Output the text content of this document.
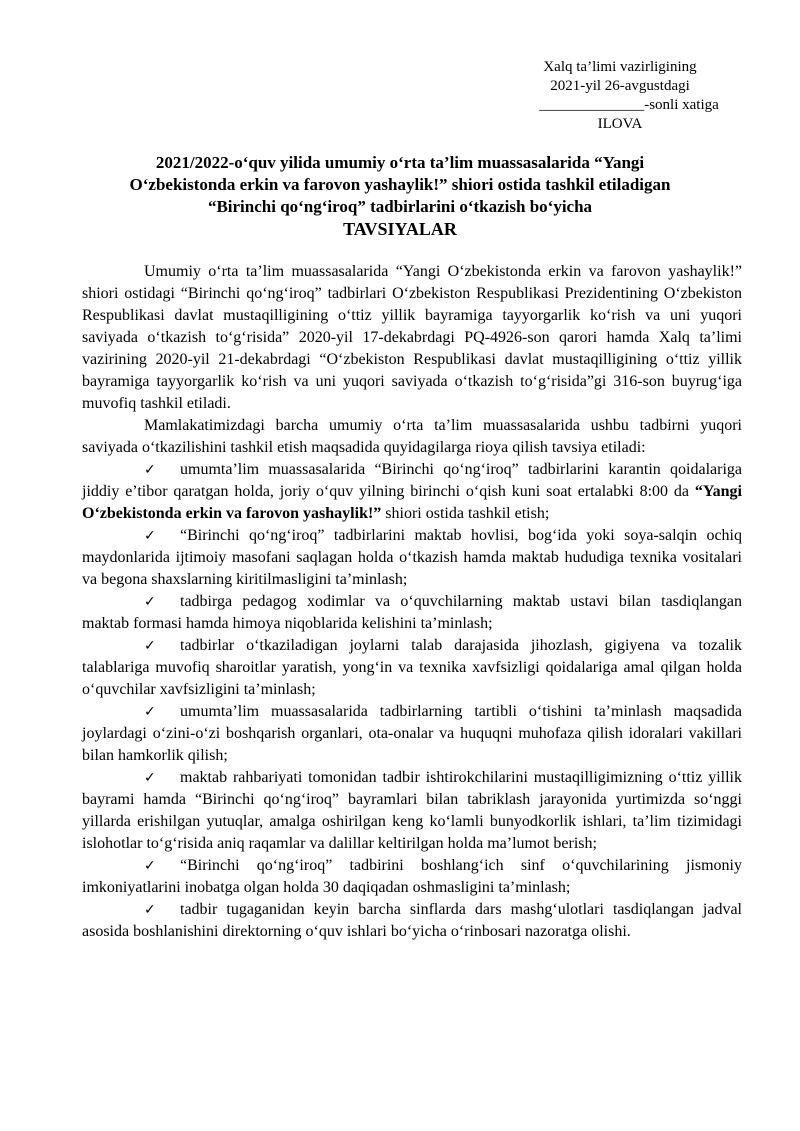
Xalq ta’limi vazirligining
2021-yil 26-avgustdagi
______________-sonli xatiga
ILOVA
2021/2022-o‘quv yilida umumiy o‘rta ta’lim muassasalarida “Yangi
O‘zbekistonda erkin va farovon yashaylik!” shiori ostida tashkil etiladigan
“Birinchi qo‘ng‘iroq” tadbirlarini o‘tkazish bo‘yicha
TAVSIYALAR

Umumiy o‘rta ta’lim muassasalarida “Yangi O‘zbekistonda erkin va farovon yashaylik!” shiori ostidagi “Birinchi qo‘ng‘iroq” tadbirlari O‘zbekiston Respublikasi Prezidentining O‘zbekiston Respublikasi davlat mustaqilligining o‘ttiz yillik bayramiga tayyorgarlik ko‘rish va uni yuqori saviyada o‘tkazish to‘g‘risida” 2020-yil 17-dekabrdagi PQ-4926-son qarori hamda Xalq ta’limi vazirining 2020-yil 21-dekabrdagi “O‘zbekiston Respublikasi davlat mustaqilligining o‘ttiz yillik bayramiga tayyorgarlik ko‘rish va uni yuqori saviyada o‘tkazish to‘g‘risida”gi 316-son buyrug‘iga muvofiq tashkil etiladi.

Mamlakatimizdagi barcha umumiy o‘rta ta’lim muassasalarida ushbu tadbirni yuqori saviyada o‘tkazilishini tashkil etish maqsadida quyidagilarga rioya qilish tavsiya etiladi:

✓ umumta’lim muassasalarida “Birinchi qo‘ng‘iroq” tadbirlarini karantin qoidalariga jiddiy e’tibor qaratgan holda, joriy o‘quv yilning birinchi o‘qish kuni soat ertalabki 8:00 da “Yangi O‘zbekistonda erkin va farovon yashaylik!” shiori ostida tashkil etish;

✓ “Birinchi qo‘ng‘iroq” tadbirlarini maktab hovlisi, bog‘ida yoki soya-salqin ochiq maydonlarida ijtimoiy masofani saqlagan holda o‘tkazish hamda maktab hududiga texnika vositalari va begona shaxslarning kiritilmasligini ta’minlash;

✓ tadbirga pedagog xodimlar va o‘quvchilarning maktab ustavi bilan tasdiqlangan maktab formasi hamda himoya niqoblarida kelishini ta’minlash;

✓ tadbirlar o‘tkaziladigan joylarni talab darajasida jihozlash, gigiyena va tozalik talablariga muvofiq sharoitlar yaratish, yong‘in va texnika xavfsizligi qoidalariga amal qilgan holda o‘quvchilar xavfsizligini ta’minlash;

✓ umumta’lim muassasalarida tadbirlarning tartibli o‘tishini ta’minlash maqsadida joylardagi o‘zini-o‘zi boshqarish organlari, ota-onalar va huquqni muhofaza qilish idoralari vakillari bilan hamkorlik qilish;

✓ maktab rahbariyati tomonidan tadbir ishtirokchilarini mustaqilligimizning o‘ttiz yillik bayrami hamda “Birinchi qo‘ng‘iroq” bayramlari bilan tabriklash jarayonida yurtimizda so‘nggi yillarda erishilgan yutuqlar, amalga oshirilgan keng ko‘lamli bunyodkorlik ishlari, ta’lim tizimidagi islohotlar to‘g‘risida aniq raqamlar va dalillar keltirilgan holda ma’lumot berish;

✓ “Birinchi qo‘ng‘iroq” tadbirini boshlang‘ich sinf o‘quvchilarining jismoniy imkoniyatlarini inobatga olgan holda 30 daqiqadan oshmasligini ta’minlash;

✓ tadbir tugaganidan keyin barcha sinflarda dars mashg‘ulotlari tasdiqlangan jadval asosida boshlanishini direktorning o‘quv ishlari bo‘yicha o‘rinbosari nazoratga olishi.
